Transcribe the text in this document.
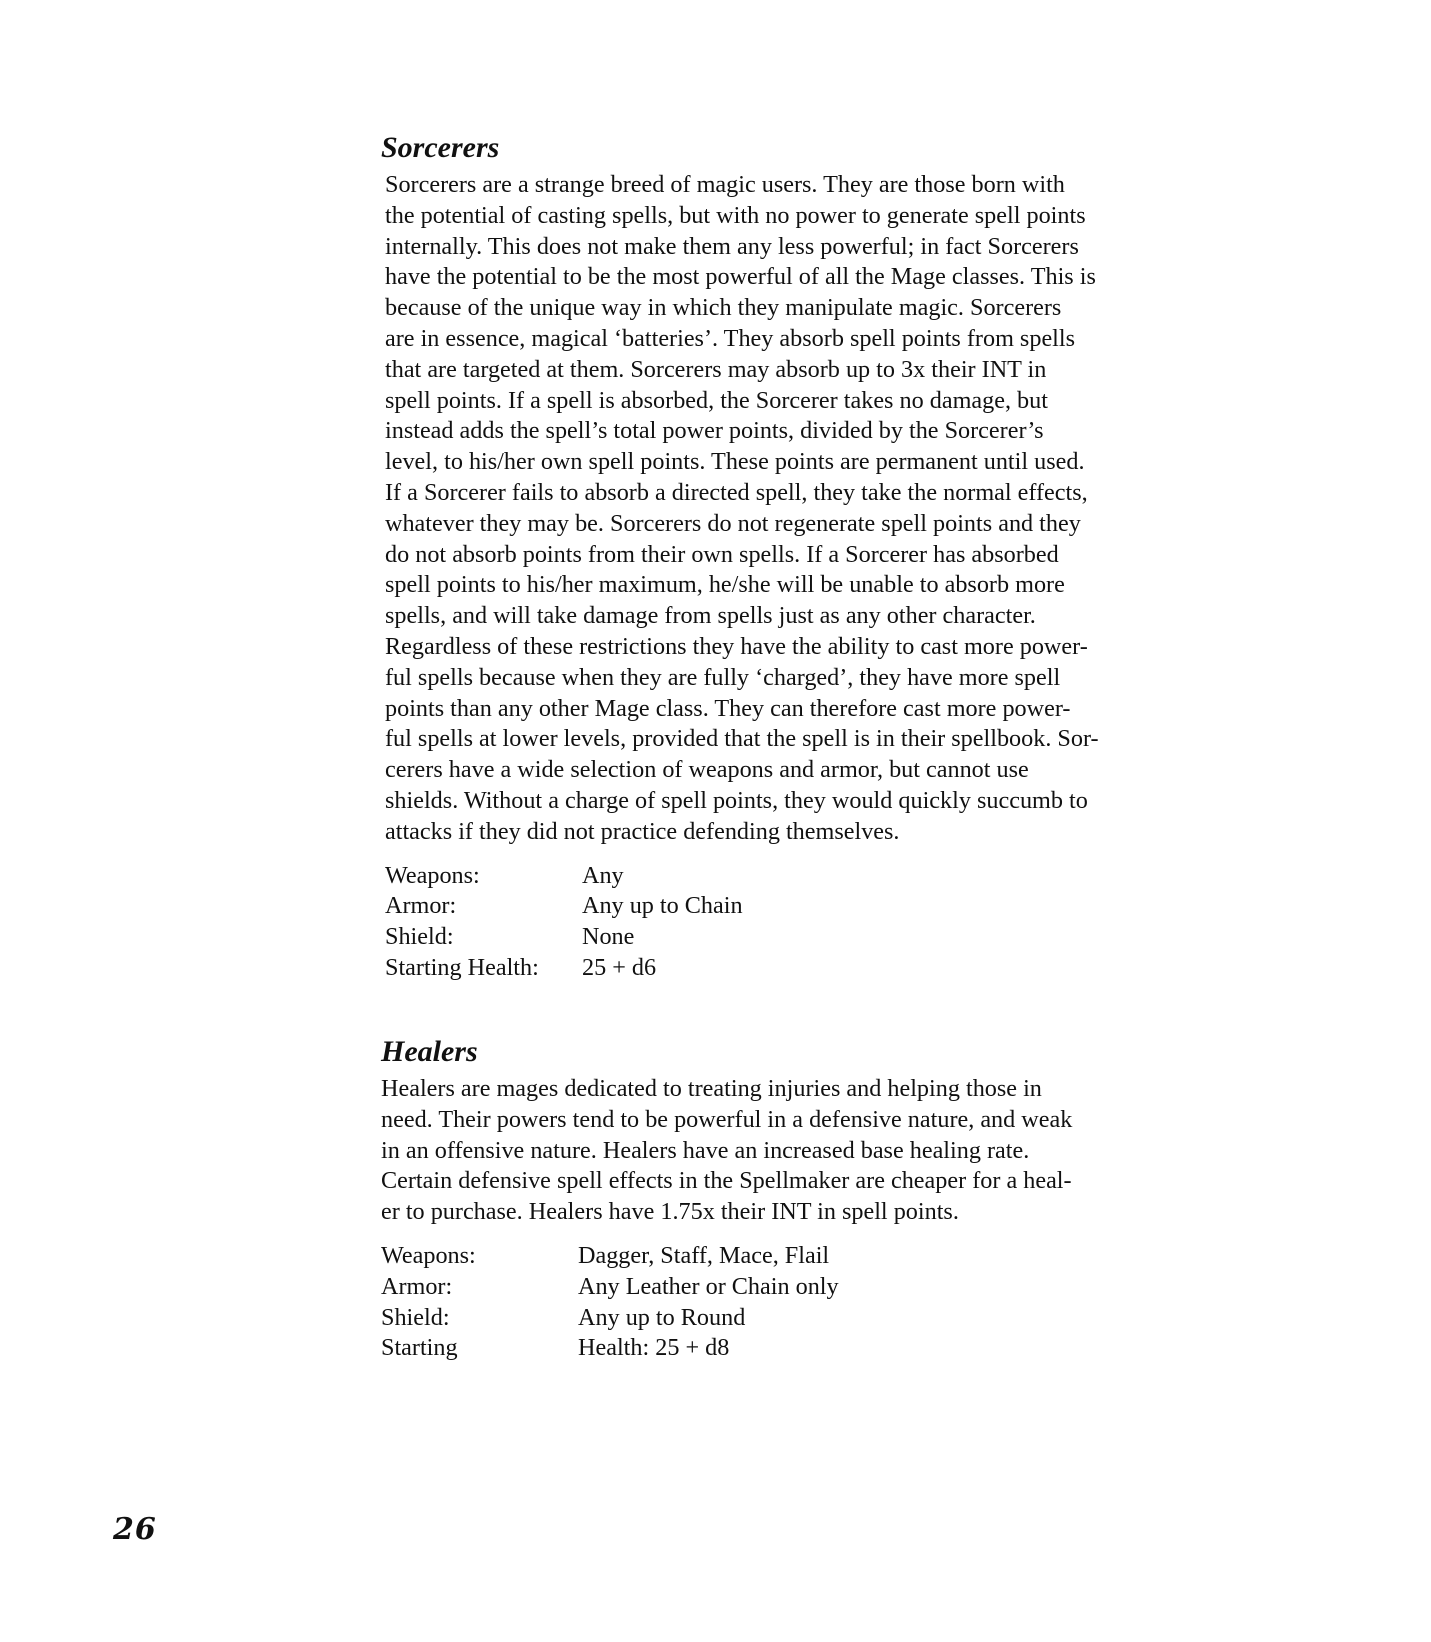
Sorcerers

Sorcerers are a strange breed of magic users. They are those born with
the potential of casting spells, but with no power to generate spell points
internally. This does not make them any less powerful; in fact Sorcerers
have the potential to be the most powerful of all the Mage classes. This is
because of the unique way in which they manipulate magic. Sorcerers
are in essence, magical ‘batteries’. They absorb spell points from spells
that are targeted at them. Sorcerers may absorb up to 3x their INT in
spell points. If a spell is absorbed, the Sorcerer takes no damage, but
instead adds the spell’s total power points, divided by the Sorcerer’s
level, to his/her own spell points. These points are permanent until used.
If a Sorcerer fails to absorb a directed spell, they take the normal effects,
whatever they may be. Sorcerers do not regenerate spell points and they
do not absorb points from their own spells. If a Sorcerer has absorbed
spell points to his/her maximum, he/she will be unable to absorb more
spells, and will take damage from spells just as any other character.
Regardless of these restrictions they have the ability to cast more power-
ful spells because when they are fully ‘charged’, they have more spell
points than any other Mage class. They can therefore cast more power-
ful spells at lower levels, provided that the spell is in their spellbook. Sor-
cerers have a wide selection of weapons and armor, but cannot use
shields. Without a charge of spell points, they would quickly succumb to
attacks if they did not practice defending themselves.

Weapons:	Any
Armor:	Any up to Chain
Shield:	None
Starting Health:	25 + d6
Healers

Healers are mages dedicated to treating injuries and helping those in
need. Their powers tend to be powerful in a defensive nature, and weak
in an offensive nature. Healers have an increased base healing rate.
Certain defensive spell effects in the Spellmaker are cheaper for a heal-
er to purchase. Healers have 1.75x their INT in spell points.

Weapons:	Dagger, Staff, Mace, Flail
Armor:	Any Leather or Chain only
Shield:	Any up to Round
Starting	Health: 25 + d8
26
